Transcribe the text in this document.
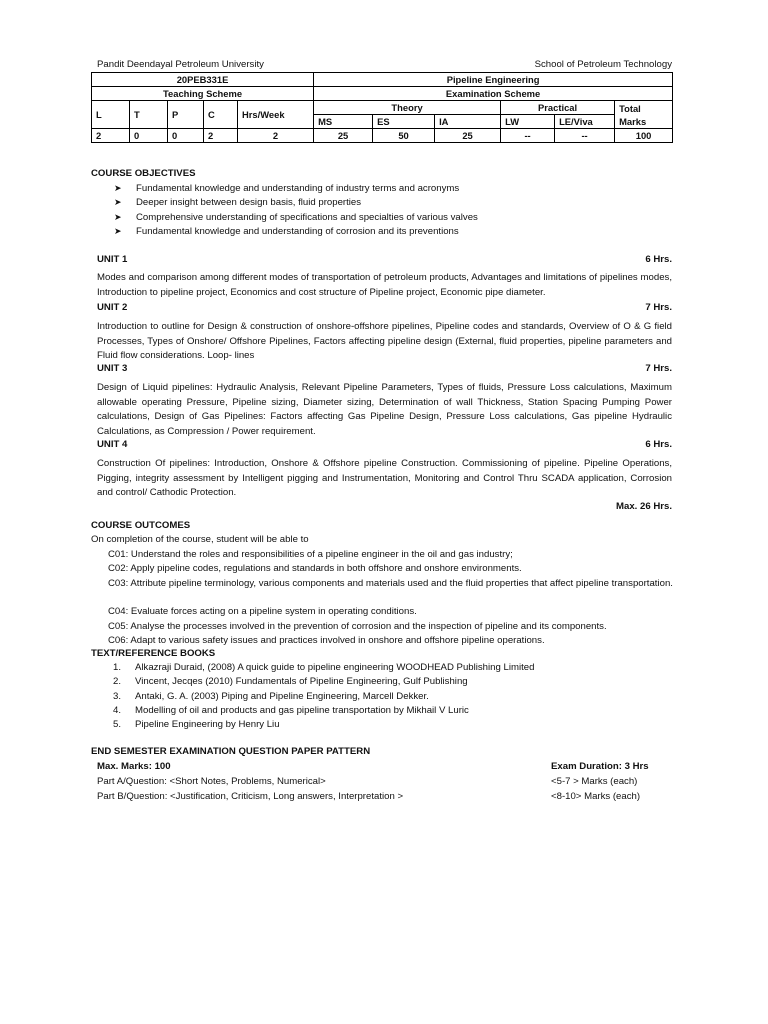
Pandit Deendayal Petroleum University	School of Petroleum Technology
20PEB331E					Pipeline Engineering					
Teaching Scheme					Examination Scheme					
L	T	P	C	Hrs/Week	Theory			Practical		Total Marks
					MS	ES	IA	LW	LE/Viva	
2	0	0	2	2	25	50	25	--	--	100
COURSE OBJECTIVES
➤ Fundamental knowledge and understanding of industry terms and acronyms
➤ Deeper insight between design basis, fluid properties
➤ Comprehensive understanding of specifications and specialties of various valves
➤ Fundamental knowledge and understanding of corrosion and its preventions
UNIT 1	6 Hrs.
Modes and comparison among different modes of transportation of petroleum products, Advantages and limitations of pipelines modes, Introduction to pipeline project, Economics and cost structure of Pipeline project, Economic pipe diameter.
UNIT 2	7 Hrs.
Introduction to outline for Design & construction of onshore-offshore pipelines, Pipeline codes and standards, Overview of O & G field Processes, Types of Onshore/ Offshore Pipelines, Factors affecting pipeline design (External, fluid properties, pipeline parameters and Fluid flow considerations. Loop- lines
UNIT 3	7 Hrs.
Design of Liquid pipelines: Hydraulic Analysis, Relevant Pipeline Parameters, Types of fluids, Pressure Loss calculations, Maximum allowable operating Pressure, Pipeline sizing, Diameter sizing, Determination of wall Thickness, Station Spacing Pumping Power calculations, Design of Gas Pipelines: Factors affecting Gas Pipeline Design, Pressure Loss calculations, Gas pipeline Hydraulic Calculations, as Compression / Power requirement.
UNIT 4	6 Hrs.
Construction Of pipelines: Introduction, Onshore & Offshore pipeline Construction. Commissioning of pipeline. Pipeline Operations, Pigging, integrity assessment by Intelligent pigging and Instrumentation, Monitoring and Control Thru SCADA application, Corrosion and control/ Cathodic Protection.
Max. 26 Hrs.
COURSE OUTCOMES
On completion of the course, student will be able to
C01: Understand the roles and responsibilities of a pipeline engineer in the oil and gas industry;
C02: Apply pipeline codes, regulations and standards in both offshore and onshore environments.
C03: Attribute pipeline terminology, various components and materials used and the fluid properties that affect pipeline transportation.
C04: Evaluate forces acting on a pipeline system in operating conditions.
C05: Analyse the processes involved in the prevention of corrosion and the inspection of pipeline and its components.
C06: Adapt to various safety issues and practices involved in onshore and offshore pipeline operations.
TEXT/REFERENCE BOOKS
1. Alkazraji Duraid, (2008) A quick guide to pipeline engineering WOODHEAD Publishing Limited
2. Vincent, Jecqes (2010) Fundamentals of Pipeline Engineering, Gulf Publishing
3. Antaki, G. A. (2003) Piping and Pipeline Engineering, Marcell Dekker.
4. Modelling of oil and products and gas pipeline transportation by Mikhail V Luric
5. Pipeline Engineering by Henry Liu
END SEMESTER EXAMINATION QUESTION PAPER PATTERN
Max. Marks: 100	Exam Duration: 3 Hrs
Part A/Question: <Short Notes, Problems, Numerical>	<5-7 > Marks (each)
Part B/Question: <Justification, Criticism, Long answers, Interpretation >	<8-10> Marks (each)
